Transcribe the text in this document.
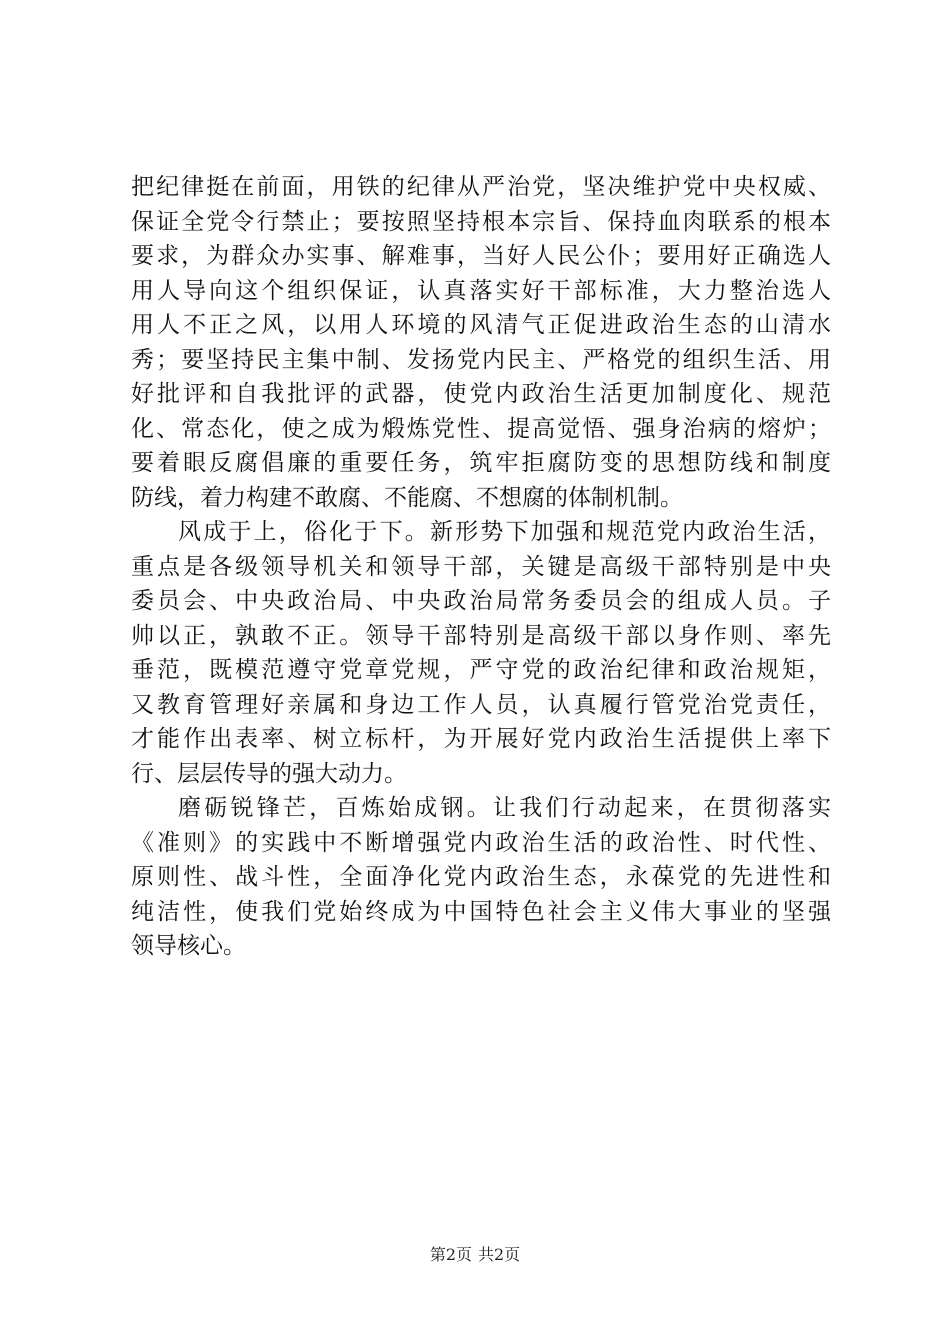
把纪律挺在前面，用铁的纪律从严治党，坚决维护党中央权威、
保证全党令行禁止；要按照坚持根本宗旨、保持血肉联系的根本
要求，为群众办实事、解难事，当好人民公仆；要用好正确选人
用人导向这个组织保证，认真落实好干部标准，大力整治选人
用人不正之风，以用人环境的风清气正促进政治生态的山清水
秀；要坚持民主集中制、发扬党内民主、严格党的组织生活、用
好批评和自我批评的武器，使党内政治生活更加制度化、规范
化、常态化，使之成为煅炼党性、提高觉悟、强身治病的熔炉；
要着眼反腐倡廉的重要任务，筑牢拒腐防变的思想防线和制度
防线，着力构建不敢腐、不能腐、不想腐的体制机制。
风成于上，俗化于下。新形势下加强和规范党内政治生活，
重点是各级领导机关和领导干部，关键是高级干部特别是中央
委员会、中央政治局、中央政治局常务委员会的组成人员。子
帅以正，孰敢不正。领导干部特别是高级干部以身作则、率先
垂范，既模范遵守党章党规，严守党的政治纪律和政治规矩，
又教育管理好亲属和身边工作人员，认真履行管党治党责任，
才能作出表率、树立标杆，为开展好党内政治生活提供上率下
行、层层传导的强大动力。
磨砺锐锋芒，百炼始成钢。让我们行动起来，在贯彻落实
《准则》的实践中不断增强党内政治生活的政治性、时代性、
原则性、战斗性，全面净化党内政治生态，永葆党的先进性和
纯洁性，使我们党始终成为中国特色社会主义伟大事业的坚强
领导核心。
第2页 共2页
